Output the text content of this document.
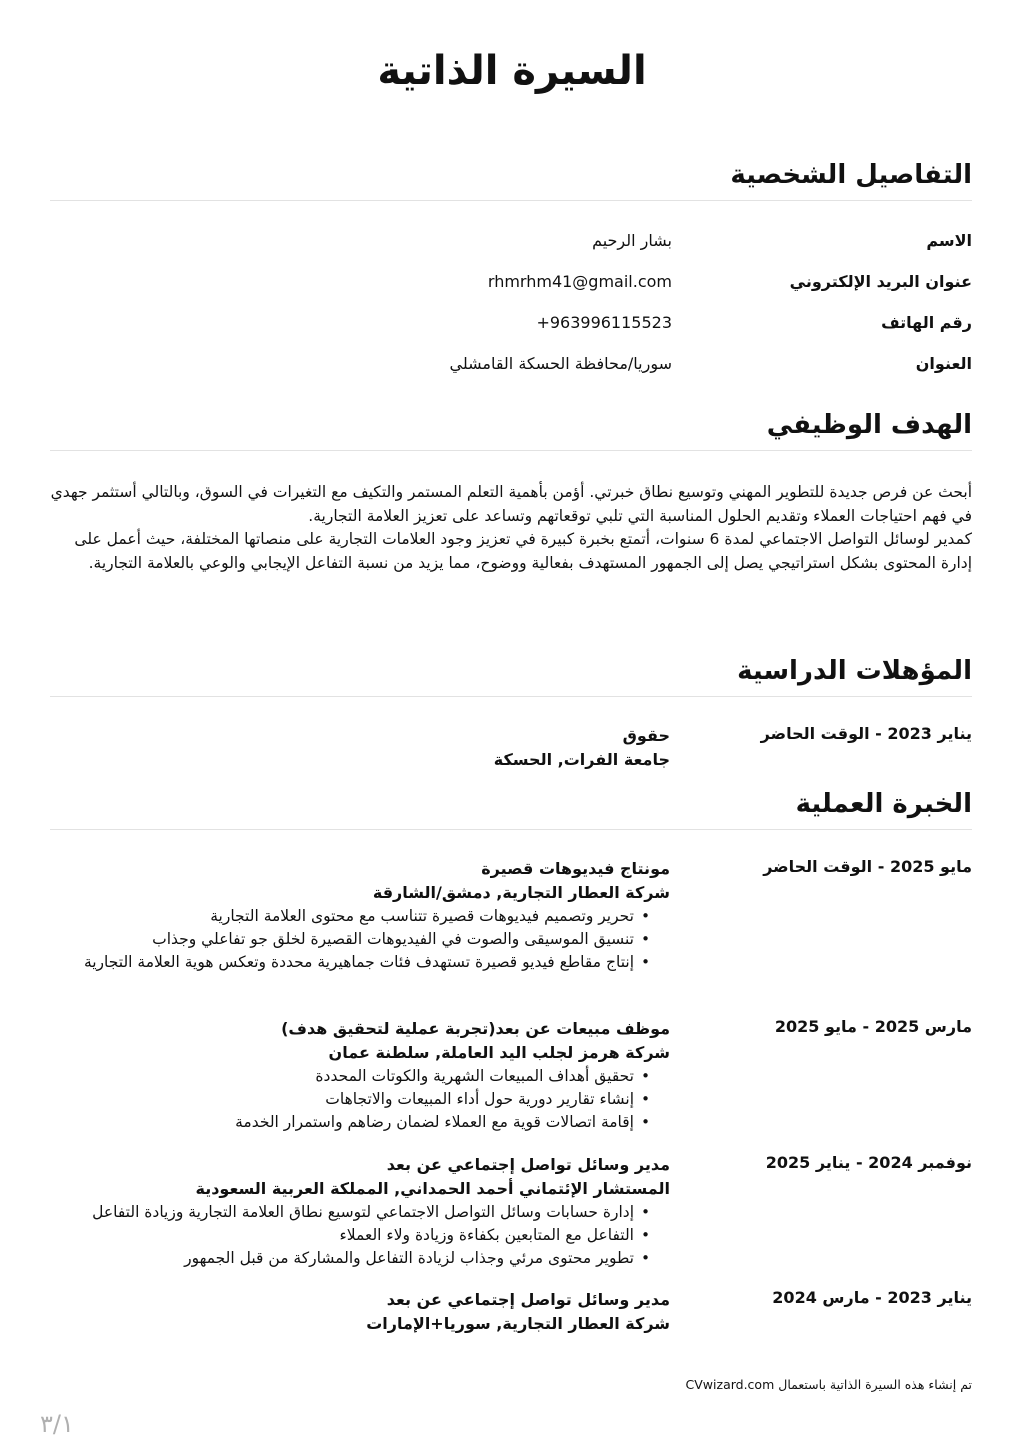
السيرة الذاتية
التفاصيل الشخصية
الاسم
بشار الرحيم
عنوان البريد الإلكتروني
rhmrhm41@gmail.com
رقم الهاتف
963996115523+
العنوان
سوريا/محافظة الحسكة القامشلي
الهدف الوظيفي

أبحث عن فرص جديدة للتطوير المهني وتوسيع نطاق خبرتي. أؤمن بأهمية التعلم المستمر والتكيف مع التغيرات في السوق، وبالتالي أستثمر جهدي في فهم احتياجات العملاء وتقديم الحلول المناسبة التي تلبي توقعاتهم وتساعد على تعزيز العلامة التجارية.

كمدير لوسائل التواصل الاجتماعي لمدة 6 سنوات، أتمتع بخبرة كبيرة في تعزيز وجود العلامات التجارية على منصاتها المختلفة، حيث أعمل على إدارة المحتوى بشكل استراتيجي يصل إلى الجمهور المستهدف بفعالية ووضوح، مما يزيد من نسبة التفاعل الإيجابي والوعي بالعلامة التجارية.

المؤهلات الدراسية
يناير 2023 - الوقت الحاضر
حقوق
جامعة الفرات, الحسكة
الخبرة العملية
مايو 2025 - الوقت الحاضر
مونتاج فيديوهات قصيرة
شركة العطار التجارية, دمشق/الشارقة
• تحرير وتصميم فيديوهات قصيرة تتناسب مع محتوى العلامة التجارية
• تنسيق الموسيقى والصوت في الفيديوهات القصيرة لخلق جو تفاعلي وجذاب
• إنتاج مقاطع فيديو قصيرة تستهدف فئات جماهيرية محددة وتعكس هوية العلامة التجارية
مارس 2025 - مايو 2025
موظف مبيعات عن بعد(تجربة عملية لتحقيق هدف)
شركة هرمز لجلب اليد العاملة, سلطنة عمان
• تحقيق أهداف المبيعات الشهرية والكوتات المحددة
• إنشاء تقارير دورية حول أداء المبيعات والاتجاهات
• إقامة اتصالات قوية مع العملاء لضمان رضاهم واستمرار الخدمة
نوفمبر 2024 - يناير 2025
مدير وسائل تواصل إجتماعي عن بعد
المستشار الإئتماني أحمد الحمداني, المملكة العربية السعودية
• إدارة حسابات وسائل التواصل الاجتماعي لتوسيع نطاق العلامة التجارية وزيادة التفاعل
• التفاعل مع المتابعين بكفاءة وزيادة ولاء العملاء
• تطوير محتوى مرئي وجذاب لزيادة التفاعل والمشاركة من قبل الجمهور
يناير 2023 - مارس 2024
مدير وسائل تواصل إجتماعي عن بعد
شركة العطار التجارية, سوريا+الإمارات
تم إنشاء هذه السيرة الذاتية باستعمال CVwizard.com
٣/١
